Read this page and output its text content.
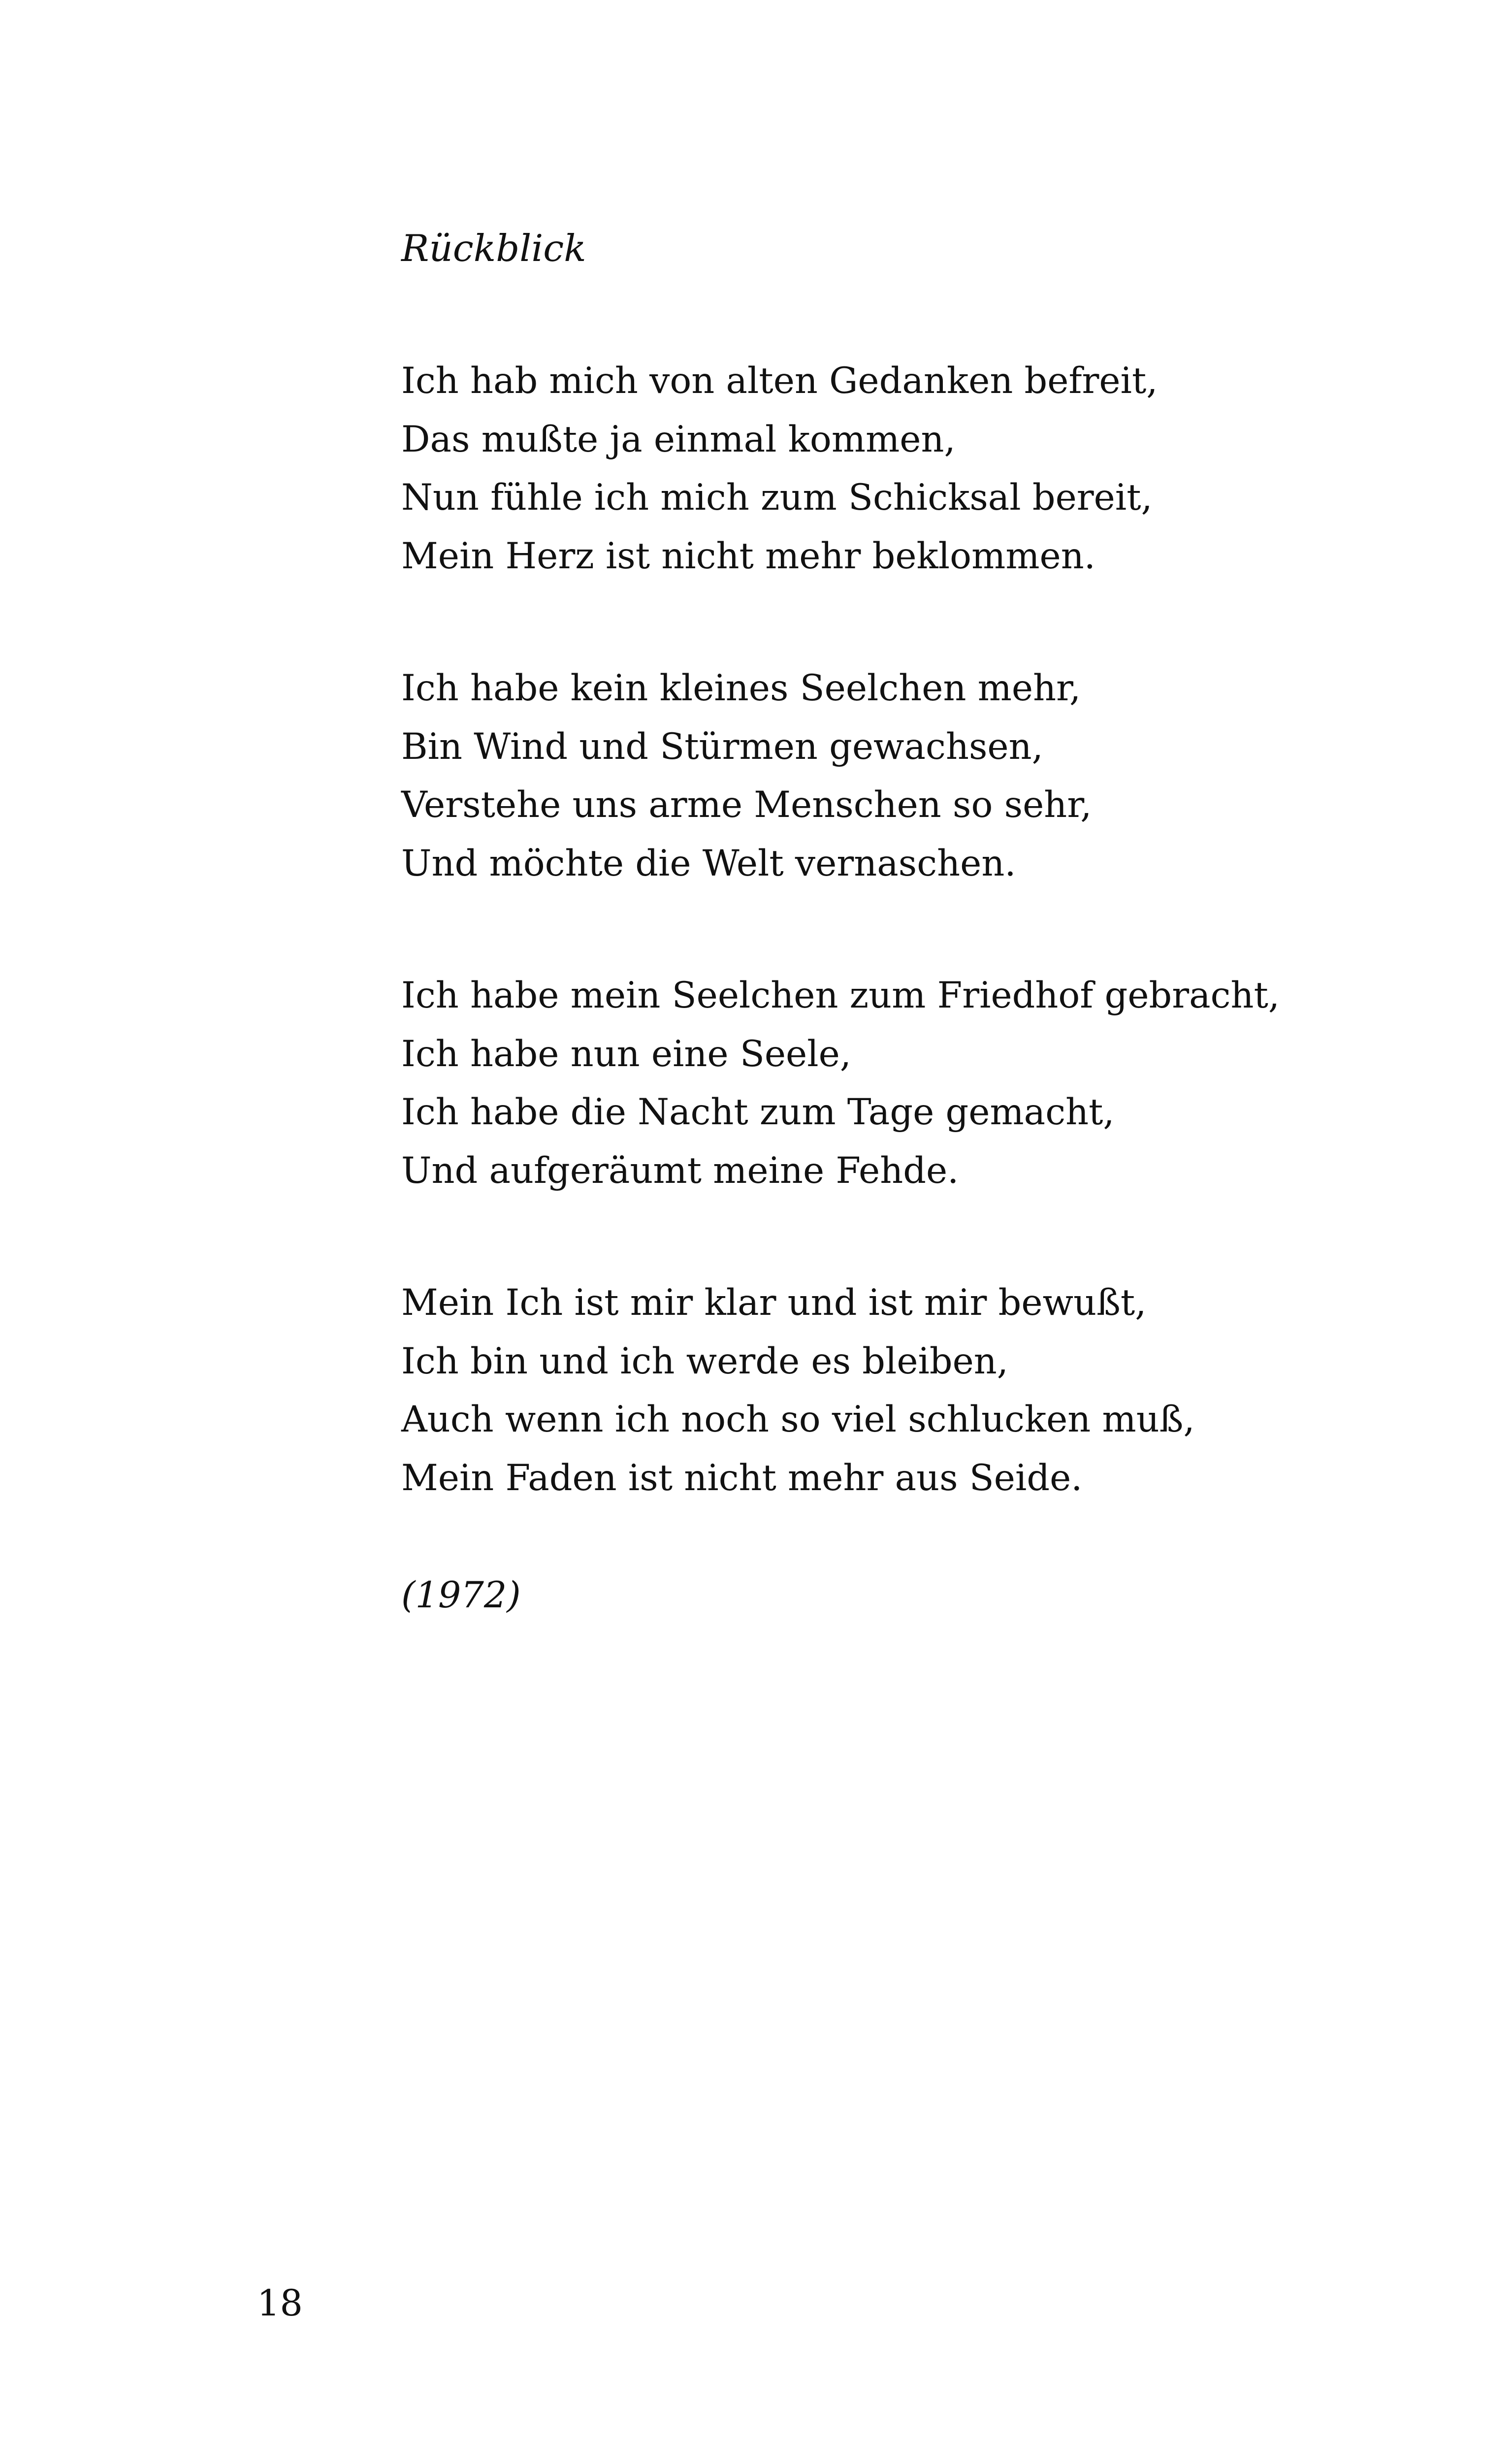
Rückblick
Ich hab mich von alten Gedanken befreit,
Das mußte ja einmal kommen,
Nun fühle ich mich zum Schicksal bereit,
Mein Herz ist nicht mehr beklommen.
Ich habe kein kleines Seelchen mehr,
Bin Wind und Stürmen gewachsen,
Verstehe uns arme Menschen so sehr,
Und möchte die Welt vernaschen.
Ich habe mein Seelchen zum Friedhof gebracht,
Ich habe nun eine Seele,
Ich habe die Nacht zum Tage gemacht,
Und aufgeräumt meine Fehde.
Mein Ich ist mir klar und ist mir bewußt,
Ich bin und ich werde es bleiben,
Auch wenn ich noch so viel schlucken muß,
Mein Faden ist nicht mehr aus Seide.
(1972)
18
